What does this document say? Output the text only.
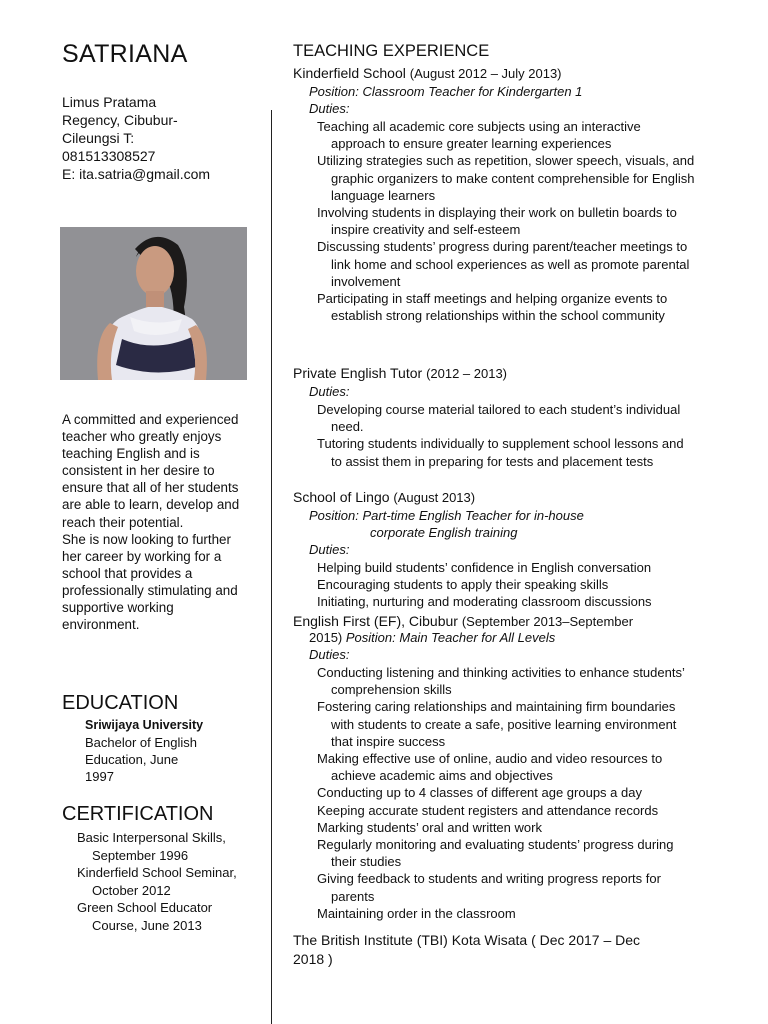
SATRIANA
Limus Pratama
Regency, Cibubur-
Cileungsi T:
081513308527
E: ita.satria@gmail.com
A committed and experienced teacher who greatly enjoys teaching English and is consistent in her desire to ensure that all of her students are able to learn, develop and reach their potential.
She is now looking to further her career by working for a school that provides a professionally stimulating and supportive working environment.
EDUCATION
Sriwijaya University
Bachelor of English
Education, June
1997
CERTIFICATION
Basic Interpersonal Skills, September 1996
Kinderfield School Seminar, October 2012
Green School Educator Course, June 2013
TEACHING EXPERIENCE
Kinderfield School (August 2012 – July 2013)
Position: Classroom Teacher for Kindergarten 1
Duties:
Teaching all academic core subjects using an interactive approach to ensure greater learning experiences
Utilizing strategies such as repetition, slower speech, visuals, and graphic organizers to make content comprehensible for English language learners
Involving students in displaying their work on bulletin boards to inspire creativity and self-esteem
Discussing students’ progress during parent/teacher meetings to link home and school experiences as well as promote parental involvement
Participating in staff meetings and helping organize events to establish strong relationships within the school community
Private English Tutor (2012 – 2013)
Duties:
Developing course material tailored to each student’s individual need.
Tutoring students individually to supplement school lessons and to assist them in preparing for tests and placement tests
School of Lingo (August 2013)
Position: Part-time English Teacher for in-house
corporate English training
Duties:
Helping build students’ confidence in English conversation
Encouraging students to apply their speaking skills
Initiating, nurturing and moderating classroom discussions
English First (EF), Cibubur (September 2013–September
2015) Position: Main Teacher for All Levels
Duties:
Conducting listening and thinking activities to enhance students’ comprehension skills
Fostering caring relationships and maintaining firm boundaries with students to create a safe, positive learning environment that inspire success
Making effective use of online, audio and video resources to achieve academic aims and objectives
Conducting up to 4 classes of different age groups a day
Keeping accurate student registers and attendance records
Marking students’ oral and written work
Regularly monitoring and evaluating students’ progress during their studies
Giving feedback to students and writing progress reports for parents
Maintaining order in the classroom
The British Institute (TBI) Kota Wisata ( Dec 2017 – Dec
2018 )
